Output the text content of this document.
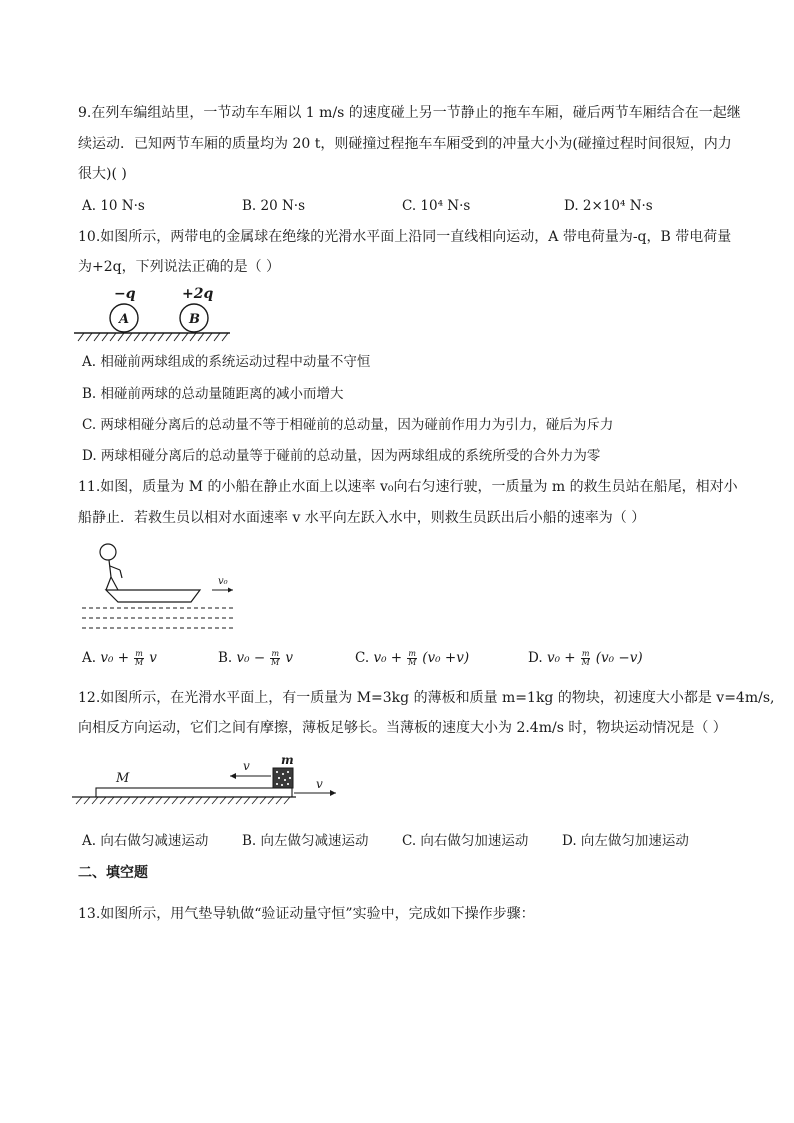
9.在列车编组站里，一节动车车厢以 1 m/s 的速度碰上另一节静止的拖车车厢，碰后两节车厢结合在一起继
续运动．已知两节车厢的质量均为 20 t，则碰撞过程拖车车厢受到的冲量大小为(碰撞过程时间很短，内力
很大)( )
A. 10 N·s	B. 20 N·s	C. 10⁴ N·s	D. 2×10⁴ N·s
10.如图所示，两带电的金属球在绝缘的光滑水平面上沿同一直线相向运动，A 带电荷量为-q，B 带电荷量
为+2q，下列说法正确的是（ ）
−q	+2q
A	B
A. 相碰前两球组成的系统运动过程中动量不守恒
B. 相碰前两球的总动量随距离的减小而增大
C. 两球相碰分离后的总动量不等于相碰前的总动量，因为碰前作用力为引力，碰后为斥力
D. 两球相碰分离后的总动量等于碰前的总动量，因为两球组成的系统所受的合外力为零
11.如图，质量为 M 的小船在静止水面上以速率 v₀向右匀速行驶，一质量为 m 的救生员站在船尾，相对小
船静止．若救生员以相对水面速率 v 水平向左跃入水中，则救生员跃出后小船的速率为（ ）
v₀
A. $v_0 + \frac{m}{M}$ v	B. $v_0 - \frac{m}{M}$ v	C. $v_0 + \frac{m}{M} (v_0 +v)$	D. $v_0 + \frac{m}{M} (v_0 -v)$
12.如图所示，在光滑水平面上，有一质量为 M=3kg 的薄板和质量 m=1kg 的物块，初速度大小都是 v=4m/s,
向相反方向运动，它们之间有摩擦，薄板足够长。当薄板的速度大小为 2.4m/s 时，物块运动情况是（ ）
M
m
v
v
A. 向右做匀减速运动 B. 向左做匀减速运动 C. 向右做匀加速运动 D. 向左做匀加速运动
二、填空题
13.如图所示，用气垫导轨做“验证动量守恒”实验中，完成如下操作步骤：
